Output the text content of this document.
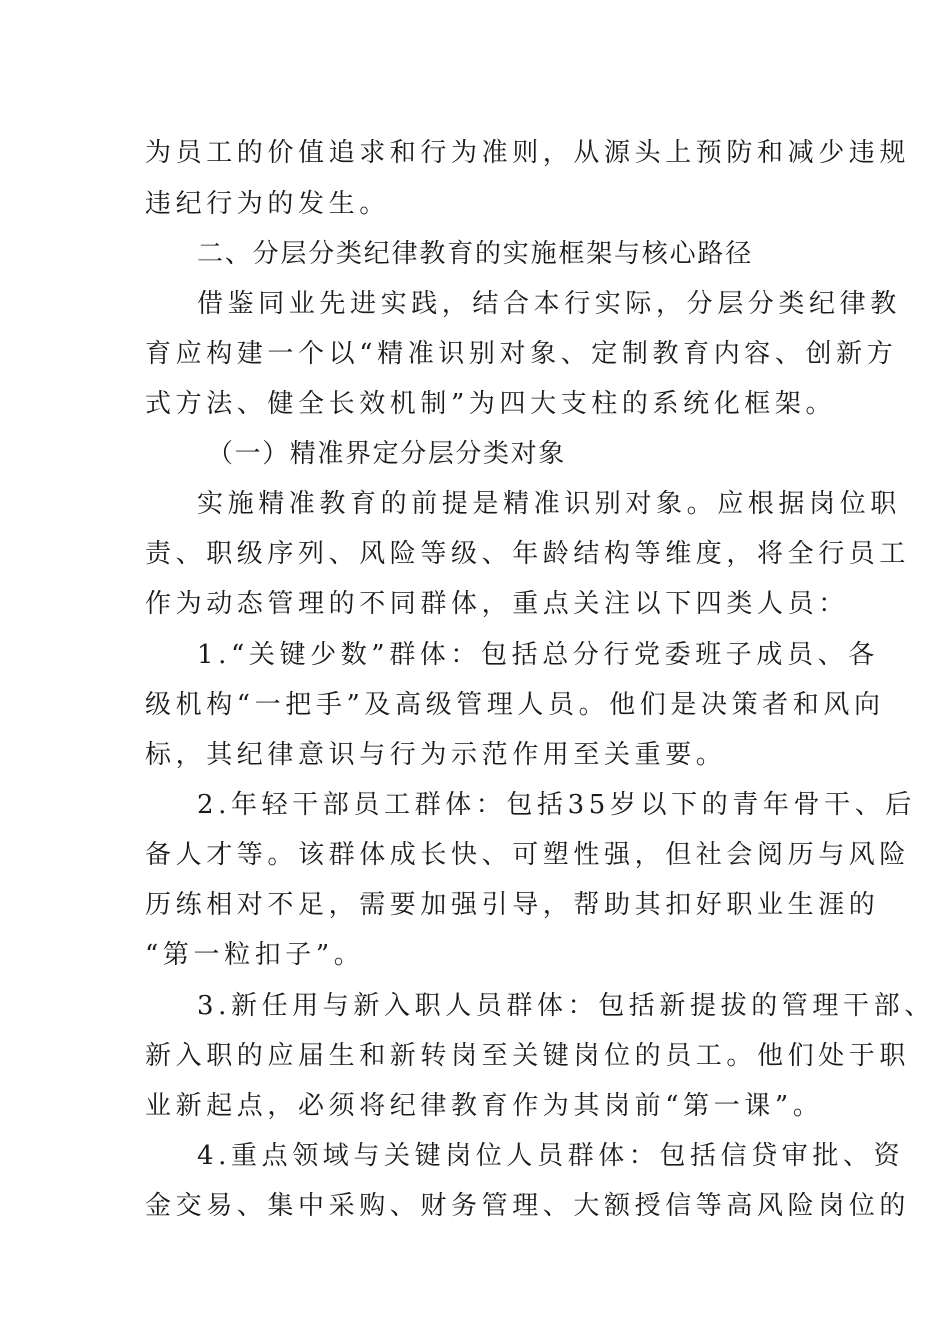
为员工的价值追求和行为准则，从源头上预防和减少违规
违纪行为的发生。
二、分层分类纪律教育的实施框架与核心路径
借鉴同业先进实践，结合本行实际，分层分类纪律教
育应构建一个以“精准识别对象、定制教育内容、创新方
式方法、健全长效机制”为四大支柱的系统化框架。
（一）精准界定分层分类对象
实施精准教育的前提是精准识别对象。应根据岗位职
责、职级序列、风险等级、年龄结构等维度，将全行员工
作为动态管理的不同群体，重点关注以下四类人员：
1.“关键少数”群体：包括总分行党委班子成员、各
级机构“一把手”及高级管理人员。他们是决策者和风向
标，其纪律意识与行为示范作用至关重要。
2.年轻干部员工群体：包括35岁以下的青年骨干、后
备人才等。该群体成长快、可塑性强，但社会阅历与风险
历练相对不足，需要加强引导，帮助其扣好职业生涯的
“第一粒扣子”。
3.新任用与新入职人员群体：包括新提拔的管理干部、
新入职的应届生和新转岗至关键岗位的员工。他们处于职
业新起点，必须将纪律教育作为其岗前“第一课”。
4.重点领域与关键岗位人员群体：包括信贷审批、资
金交易、集中采购、财务管理、大额授信等高风险岗位的
